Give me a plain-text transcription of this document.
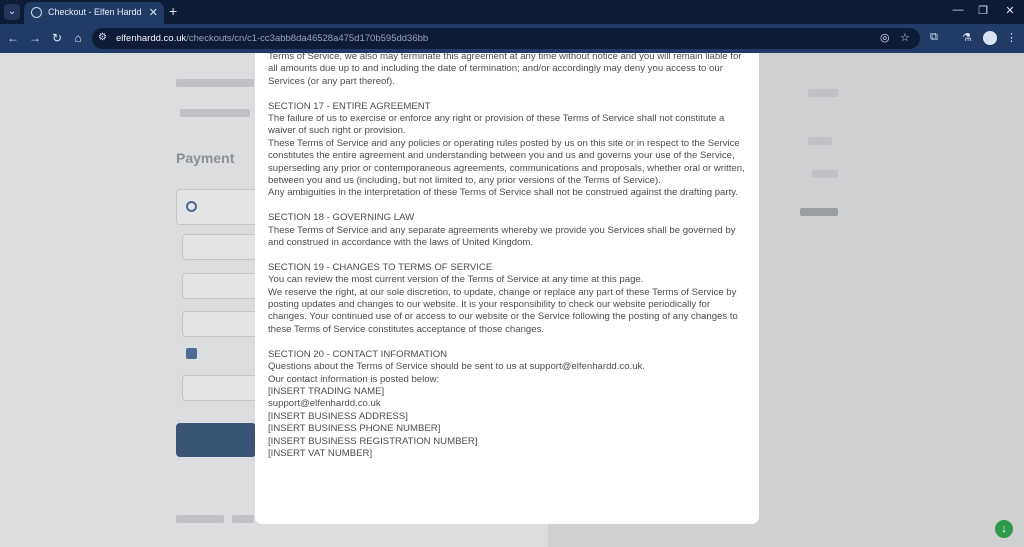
⌄	Checkout - Elfen Hardd ✕ +	—	❐	✕
← → ↻ ⌂	⚙ elfenhardd.co.uk/checkouts/cn/c1-cc3abb8da46528a475d170b595dd36bb	◎ ☆ ⧉ ⚗	⋮
Payment

Terms of Service, we also may terminate this agreement at any time without notice and you will remain liable for

all amounts due up to and including the date of termination; and/or accordingly may deny you access to our

Services (or any part thereof).

SECTION 17 - ENTIRE AGREEMENT

The failure of us to exercise or enforce any right or provision of these Terms of Service shall not constitute a

waiver of such right or provision.

These Terms of Service and any policies or operating rules posted by us on this site or in respect to the Service

constitutes the entire agreement and understanding between you and us and governs your use of the Service,

superseding any prior or contemporaneous agreements, communications and proposals, whether oral or written,

between you and us (including, but not limited to, any prior versions of the Terms of Service).

Any ambiguities in the interpretation of these Terms of Service shall not be construed against the drafting party.

SECTION 18 - GOVERNING LAW

These Terms of Service and any separate agreements whereby we provide you Services shall be governed by

and construed in accordance with the laws of United Kingdom.

SECTION 19 - CHANGES TO TERMS OF SERVICE

You can review the most current version of the Terms of Service at any time at this page.

We reserve the right, at our sole discretion, to update, change or replace any part of these Terms of Service by

posting updates and changes to our website. It is your responsibility to check our website periodically for

changes. Your continued use of or access to our website or the Service following the posting of any changes to

these Terms of Service constitutes acceptance of those changes.

SECTION 20 - CONTACT INFORMATION

Questions about the Terms of Service should be sent to us at support@elfenhardd.co.uk.

Our contact information is posted below:

[INSERT TRADING NAME]

support@elfenhardd.co.uk

[INSERT BUSINESS ADDRESS]

[INSERT BUSINESS PHONE NUMBER]

[INSERT BUSINESS REGISTRATION NUMBER]

[INSERT VAT NUMBER]

↓
